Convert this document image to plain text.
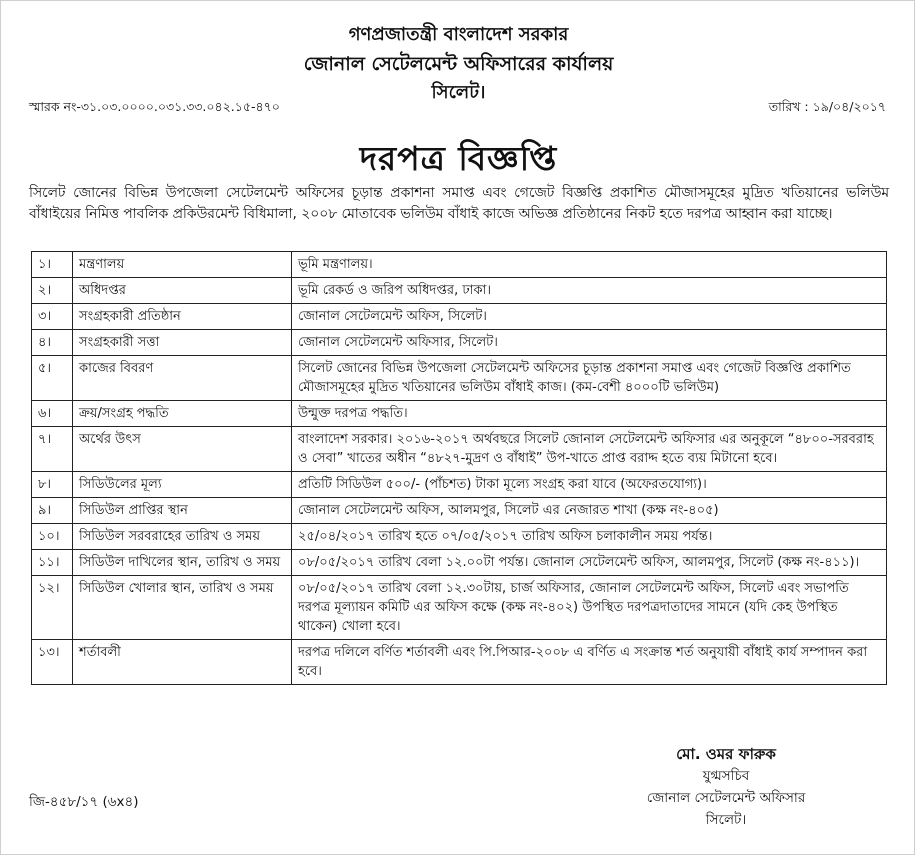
গণপ্রজাতন্ত্রী বাংলাদেশ সরকার
জোনাল সেটেলমেন্ট অফিসারের কার্যালয়
সিলেট।
স্মারক নং-৩১.০৩.০০০০.০৩১.৩৩.০৪২.১৫-৪৭০	তারিখ : ১৯/০৪/২০১৭
দরপত্র বিজ্ঞপ্তি
সিলেট জোনের বিভিন্ন উপজেলা সেটেলমেন্ট অফিসের চূড়ান্ত প্রকাশনা সমাপ্ত এবং গেজেট বিজ্ঞপ্তি প্রকাশিত মৌজাসমূহের মুদ্রিত খতিয়ানের ভলিউম বাঁধাইয়ের নিমিত্ত পাবলিক প্রকিউরমেন্ট বিধিমালা, ২০০৮ মোতাবেক ভলিউম বাঁধাই কাজে অভিজ্ঞ প্রতিষ্ঠানের নিকট হতে দরপত্র আহ্বান করা যাচ্ছে।
১।	মন্ত্রণালয়	ভূমি মন্ত্রণালয়।
২।	অধিদপ্তর	ভূমি রেকর্ড ও জরিপ অধিদপ্তর, ঢাকা।
৩।	সংগ্রহকারী প্রতিষ্ঠান	জোনাল সেটেলমেন্ট অফিস, সিলেট।
৪।	সংগ্রহকারী সত্তা	জোনাল সেটেলমেন্ট অফিসার, সিলেট।
৫।	কাজের বিবরণ	সিলেট জোনের বিভিন্ন উপজেলা সেটেলমেন্ট অফিসের চূড়ান্ত প্রকাশনা সমাপ্ত এবং গেজেট বিজ্ঞপ্তি প্রকাশিত মৌজাসমূহের মুদ্রিত খতিয়ানের ভলিউম বাঁধাই কাজ। (কম-বেশী ৪০০০টি ভলিউম)
৬।	ক্রয়/সংগ্রহ পদ্ধতি	উন্মুক্ত দরপত্র পদ্ধতি।
৭।	অর্থের উৎস	বাংলাদেশ সরকার। ২০১৬-২০১৭ অর্থবছরে সিলেট জোনাল সেটেলমেন্ট অফিসার এর অনুকূলে “৪৮০০-সরবরাহ ও সেবা” খাতের অধীন “৪৮২৭-মুদ্রণ ও বাঁধাই” উপ-খাতে প্রাপ্ত বরাদ্দ হতে ব্যয় মিটানো হবে।
৮।	সিডিউলের মূল্য	প্রতিটি সিডিউল ৫০০/- (পাঁচশত) টাকা মূল্যে সংগ্রহ করা যাবে (অফেরতযোগ্য)।
৯।	সিডিউল প্রাপ্তির স্থান	জোনাল সেটেলমেন্ট অফিস, আলমপুর, সিলেট এর নেজারত শাখা (কক্ষ নং-৪০৫)
১০।	সিডিউল সরবরাহের তারিখ ও সময়	২৫/০৪/২০১৭ তারিখ হতে ০৭/০৫/২০১৭ তারিখ অফিস চলাকালীন সময় পর্যন্ত।
১১।	সিডিউল দাখিলের স্থান, তারিখ ও সময়	০৮/০৫/২০১৭ তারিখ বেলা ১২.০০টা পর্যন্ত। জোনাল সেটেলমেন্ট অফিস, আলমপুর, সিলেট (কক্ষ নং-৪১১)।
১২।	সিডিউল খোলার স্থান, তারিখ ও সময়	০৮/০৫/২০১৭ তারিখ বেলা ১২.৩০টায়, চার্জ অফিসার, জোনাল সেটেলমেন্ট অফিস, সিলেট এবং সভাপতি দরপত্র মূল্যায়ন কমিটি এর অফিস কক্ষে (কক্ষ নং-৪০২) উপস্থিত দরপত্রদাতাদের সামনে (যদি কেহ উপস্থিত থাকেন) খোলা হবে।
১৩।	শর্তাবলী	দরপত্র দলিলে বর্ণিত শর্তাবলী এবং পি.পিআর-২০০৮ এ বর্ণিত এ সংক্রান্ত শর্ত অনুযায়ী বাঁধাই কার্য সম্পাদন করা হবে।
মো. ওমর ফারুক
যুগ্মসচিব
জোনাল সেটেলমেন্ট অফিসার
সিলেট।
জি-৪৫৮/১৭ (৬x৪)
